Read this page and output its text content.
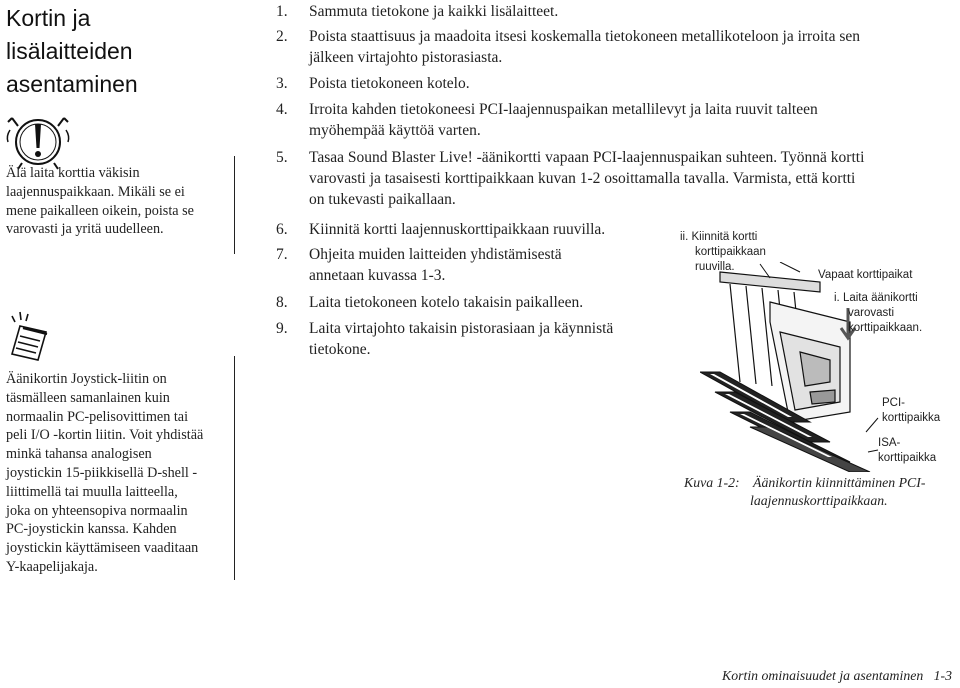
Kortin ja
lisälaitteiden
asentaminen
Älä laita korttia väkisin
laajennuspaikkaan. Mikäli se ei
mene paikalleen oikein, poista se
varovasti ja yritä uudelleen.
Äänikortin Joystick-liitin on
täsmälleen samanlainen kuin
normaalin PC-pelisovittimen tai
peli I/O -kortin liitin. Voit yhdistää
minkä tahansa analogisen
joystickin 15-piikkisellä D-shell -
liittimellä tai muulla laitteella,
joka on yhteensopiva normaalin
PC-joystickin kanssa. Kahden
joystickin käyttämiseen vaaditaan
Y-kaapelijakaja.
1. Sammuta tietokone ja kaikki lisälaitteet.
2. Poista staattisuus ja maadoita itsesi koskemalla tietokoneen metallikoteloon ja irroita sen
jälkeen virtajohto pistorasiasta.
3. Poista tietokoneen kotelo.
4. Irroita kahden tietokoneesi PCI-laajennuspaikan metallilevyt ja laita ruuvit talteen
myöhempää käyttöä varten.
5. Tasaa Sound Blaster Live! -äänikortti vapaan PCI-laajennuspaikan suhteen. Työnnä kortti
varovasti ja tasaisesti korttipaikkaan kuvan 1-2 osoittamalla tavalla. Varmista, että kortti
on tukevasti paikallaan.
6. Kiinnitä kortti laajennuskorttipaikkaan ruuvilla.
7. Ohjeita muiden laitteiden yhdistämisestä
annetaan kuvassa 1-3.
8. Laita tietokoneen kotelo takaisin paikalleen.
9. Laita virtajohto takaisin pistorasiaan ja käynnistä
tietokone.
ii. Kiinnitä kortti
korttipaikkaan
ruuvilla.
Vapaat korttipaikat
i. Laita äänikortti
varovasti
korttipaikkaan.
PCI-
korttipaikka
ISA-
korttipaikka
Kuva 1-2: Äänikortin kiinnittäminen PCI-
laajennuskorttipaikkaan.
Kortin ominaisuudet ja asentaminen   1-3
